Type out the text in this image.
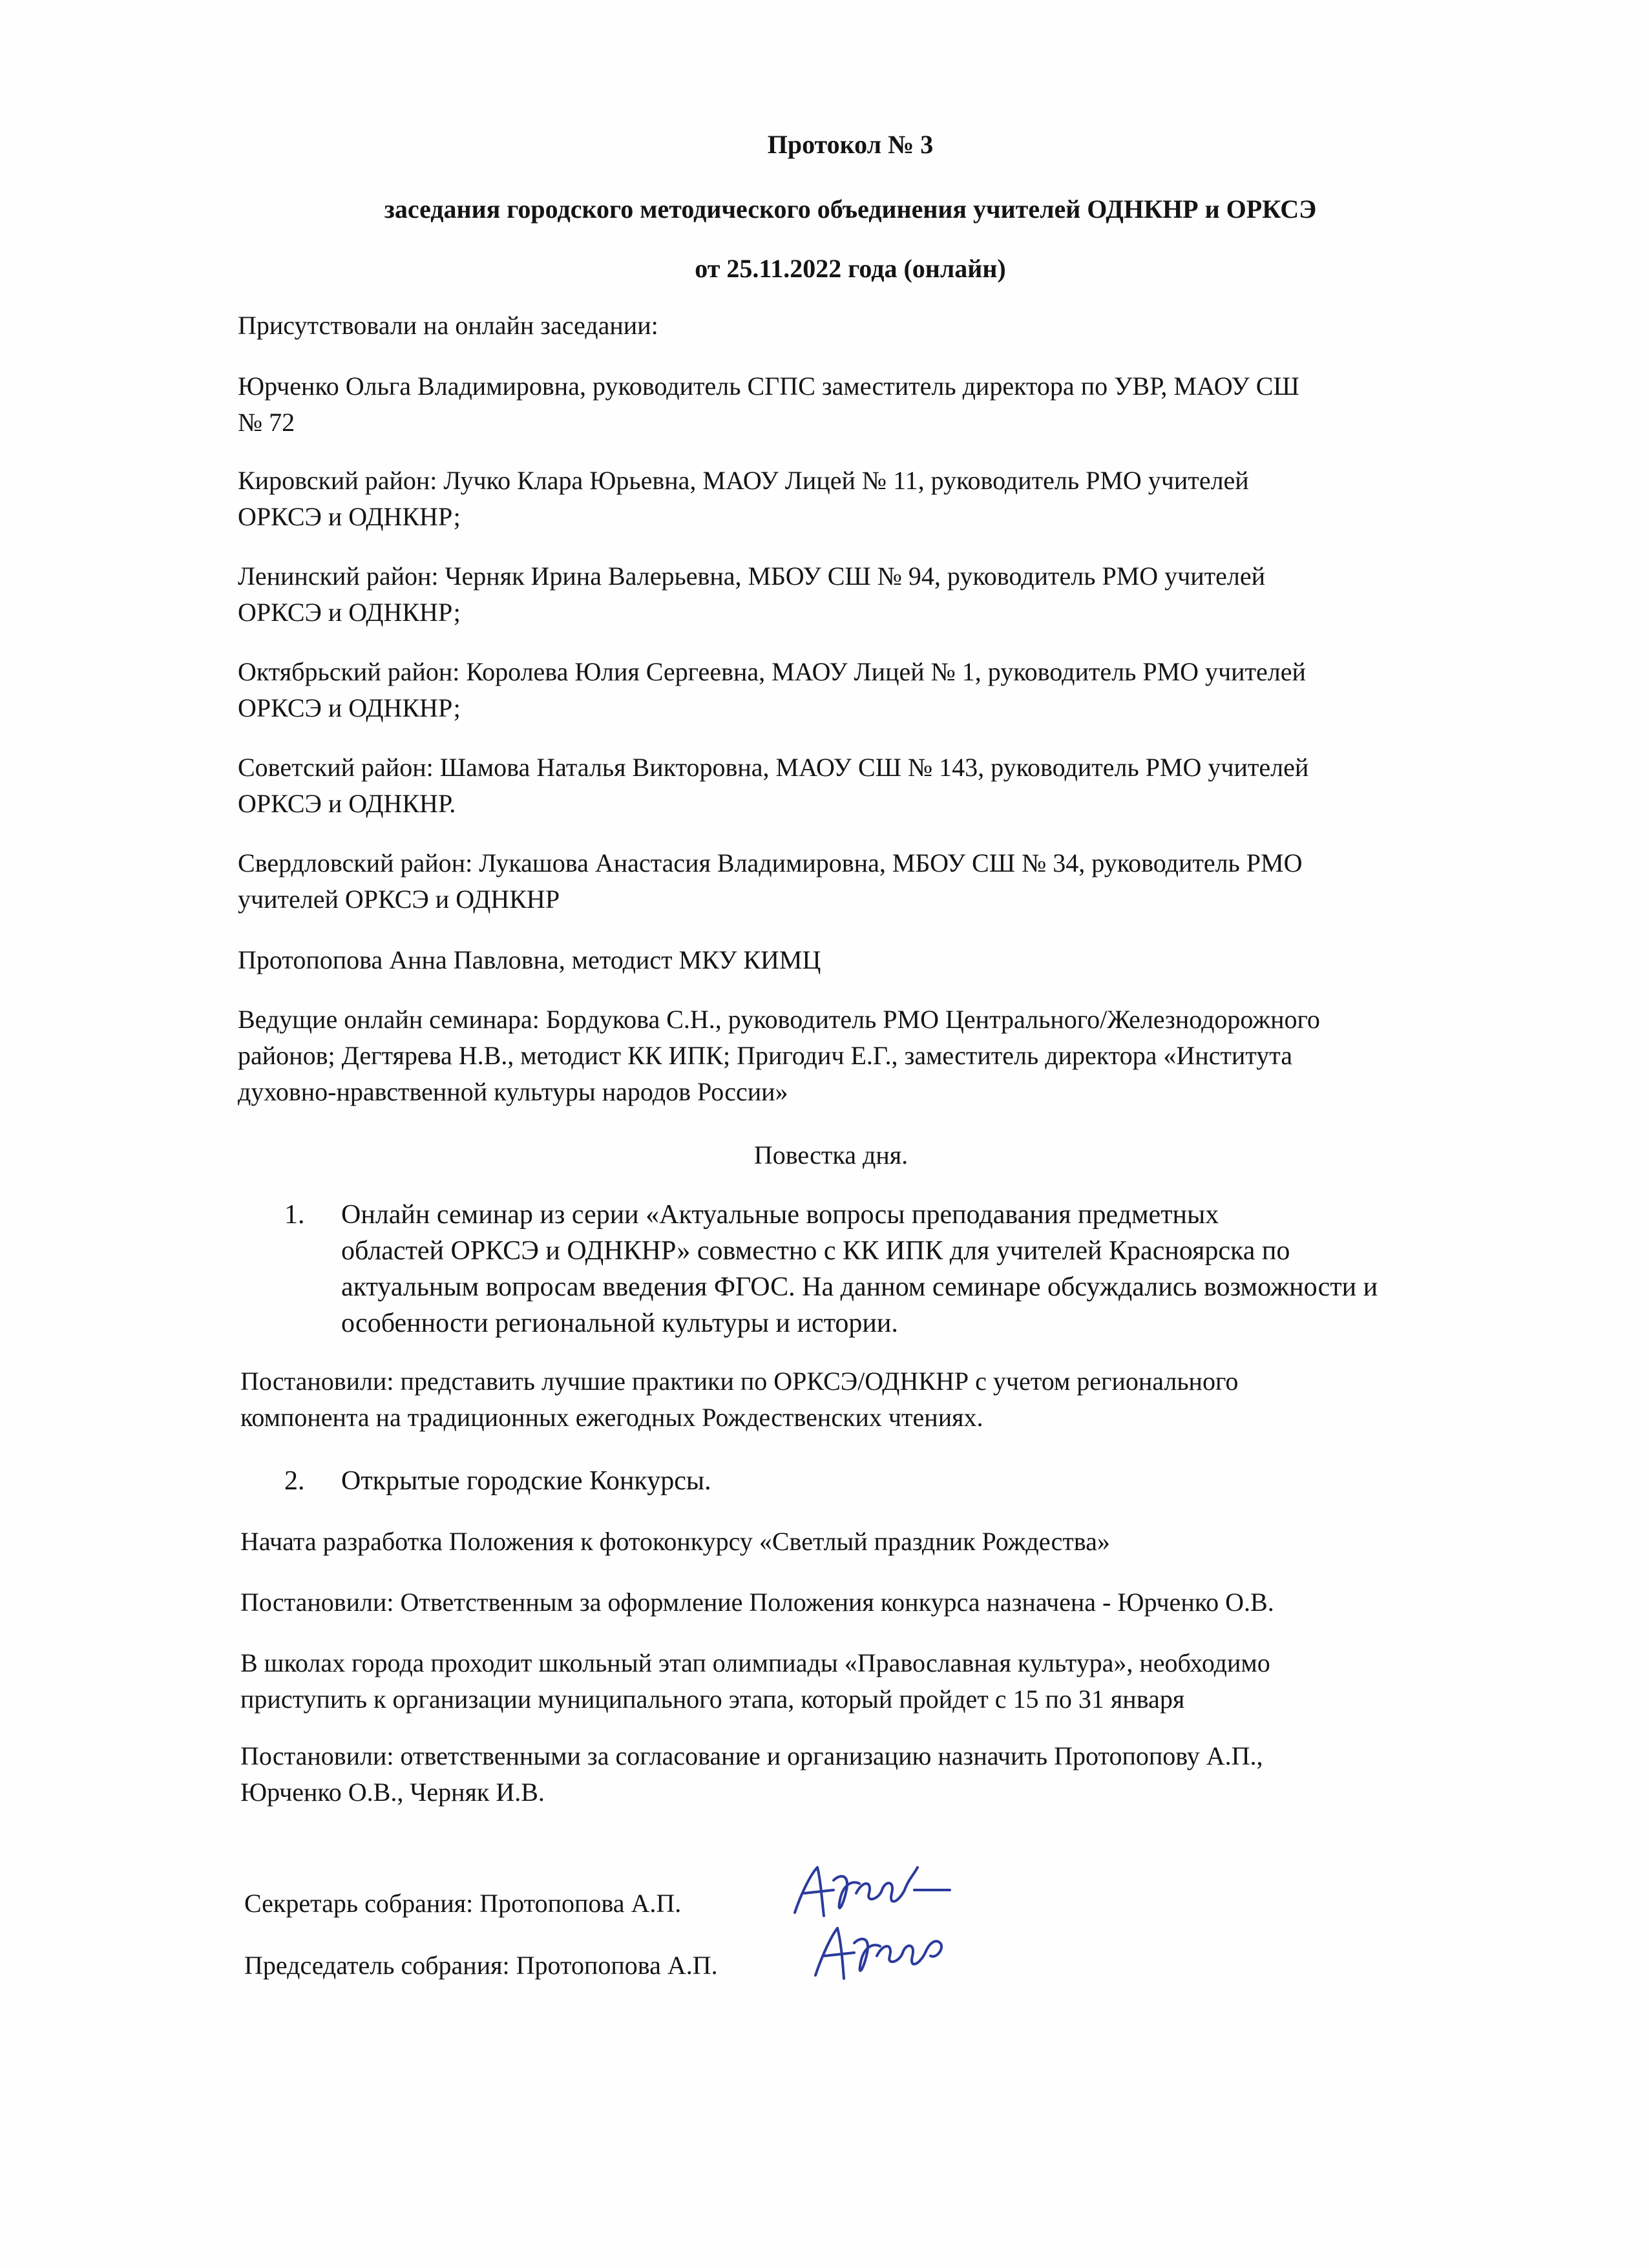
Протокол № 3
заседания городского методического объединения учителей ОДНКНР и ОРКСЭ
от 25.11.2022 года (онлайн)
Присутствовали на онлайн заседании:
Юрченко Ольга Владимировна, руководитель СГПС заместитель директора по УВР, МАОУ СШ
№ 72
Кировский район: Лучко Клара Юрьевна, МАОУ Лицей № 11, руководитель РМО учителей
ОРКСЭ и ОДНКНР;
Ленинский район: Черняк Ирина Валерьевна, МБОУ СШ № 94, руководитель РМО учителей
ОРКСЭ и ОДНКНР;
Октябрьский район: Королева Юлия Сергеевна, МАОУ Лицей № 1, руководитель РМО учителей
ОРКСЭ и ОДНКНР;
Советский район: Шамова Наталья Викторовна, МАОУ СШ № 143, руководитель РМО учителей
ОРКСЭ и ОДНКНР.
Свердловский район: Лукашова Анастасия Владимировна, МБОУ СШ № 34, руководитель РМО
учителей ОРКСЭ и ОДНКНР
Протопопова Анна Павловна, методист МКУ КИМЦ
Ведущие онлайн семинара: Бордукова С.Н., руководитель РМО Центрального/Железнодорожного
районов; Дегтярева Н.В., методист КК ИПК; Пригодич Е.Г., заместитель директора «Института
духовно-нравственной культуры народов России»
Повестка дня.
1. Онлайн семинар из серии «Актуальные вопросы преподавания предметных
областей ОРКСЭ и ОДНКНР» совместно с КК ИПК для учителей Красноярска по
актуальным вопросам введения ФГОС. На данном семинаре обсуждались возможности и
особенности региональной культуры и истории.
Постановили: представить лучшие практики по ОРКСЭ/ОДНКНР с учетом регионального
компонента на традиционных ежегодных Рождественских чтениях.
2. Открытые городские Конкурсы.
Начата разработка Положения к фотоконкурсу «Светлый праздник Рождества»
Постановили: Ответственным за оформление Положения конкурса назначена - Юрченко О.В.
В школах города проходит школьный этап олимпиады «Православная культура», необходимо
приступить к организации муниципального этапа, который пройдет с 15 по 31 января
Постановили: ответственными за согласование и организацию назначить Протопопову А.П.,
Юрченко О.В., Черняк И.В.
Секретарь собрания: Протопопова А.П.
Председатель собрания: Протопопова А.П.
